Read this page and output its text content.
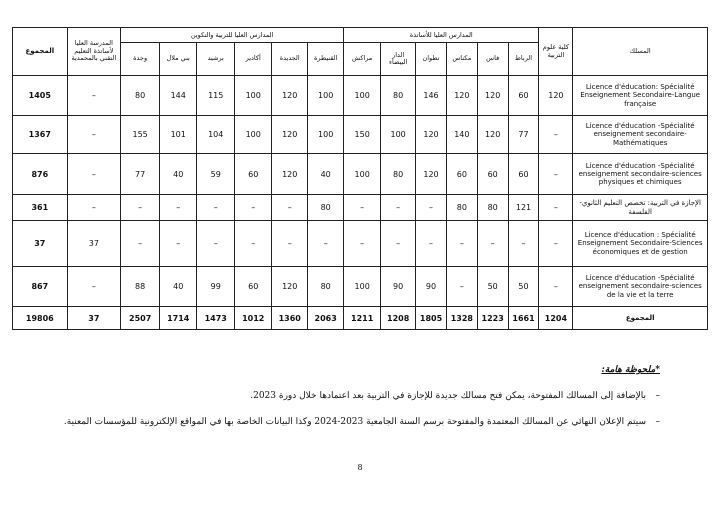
المسلك	كلية علوم التربية	المدارس العليا للأساتذة						المدارس العليا للتربية والتكوين						المدرسة العليا لأساتذة التعليم التقني بالمحمدية	المجموع
		الرباط	فاس	مكناس	تطوان	الدار البيضاء	مراكش	القنيطرة	الجديدة	أكادير	برشيد	بني ملال	وجدة		
Licence d'éducation: Spécialité Enseignement Secondaire-Langue française	120	60	120	120	146	80	100	100	120	100	115	144	80	–	1405
Licence d'éducation -Spécialité enseignement secondaire-Mathématiques	–	77	120	140	120	100	150	100	120	100	104	101	155	–	1367
Licence d'éducation -Spécialité enseignement secondaire-sciences physiques et chimiques	–	60	60	60	120	80	100	40	120	60	59	40	77	–	876
الإجازة في التربية: تخصص التعليم الثانوي- الفلسفة	–	121	80	80	–	–	–	80	–	–	–	–	–	–	361
Licence d'éducation : Spécialité Enseignement Secondaire-Sciences économiques et de gestion	–	–	–	–	–	–	–	–	–	–	–	–	–	37	37
Licence d'éducation -Spécialité enseignement secondaire-sciences de la vie et la terre	–	50	50	–	90	90	100	80	120	60	99	40	88	–	867
المجموع	1204	1661	1223	1328	1805	1208	1211	2063	1360	1012	1473	1714	2507	37	19806
*ملحوظة هامة:
–
بالإضافة إلى المسالك المفتوحة، يمكن فتح مسالك جديدة للإجازة في التربية بعد اعتمادها خلال دورة 2023.
–
سيتم الإعلان النهائي عن المسالك المعتمدة والمفتوحة برسم السنة الجامعية 2023-2024 وكذا البيانات الخاصة بها في المواقع الإلكترونية للمؤسسات المعنية.
8
